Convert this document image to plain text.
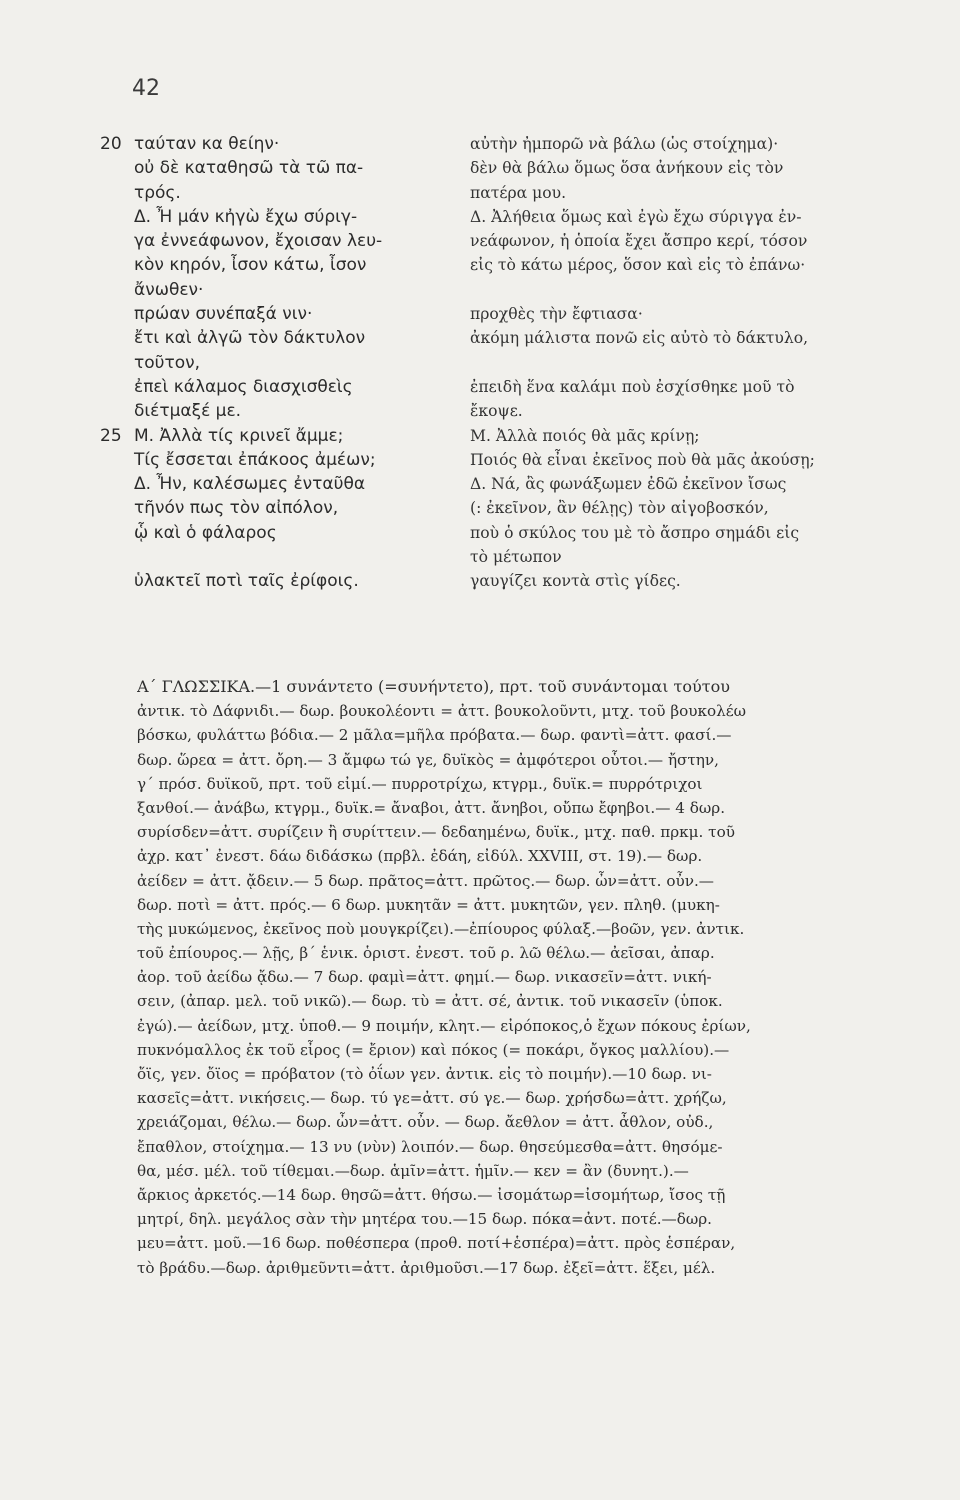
42
20 ταύταν κα θείην·
οὐ δὲ καταθησῶ τὰ τῶ πα-
τρός.
Δ. Ἦ μάν κἠγὼ ἔχω σύριγ-
γα ἐννεάφωνον, ἔχοισαν λευ-
κὸν κηρόν, ἶσον κάτω, ἶσον
ἄνωθεν·
πρώαν συνέπαξά νιν·
ἔτι καὶ ἀλγῶ τὸν δάκτυλον
τοῦτον,
ἐπεὶ κάλαμος διασχισθεὶς
διέτμαξέ με.
25 Μ. Ἀλλὰ τίς κρινεῖ ἄμμε;
Τίς ἔσσεται ἐπάκοος ἀμέων;
Δ. Ἦν, καλέσωμες ἐνταῦθα
τῆνόν πως τὸν αἰπόλον,
ᾧ καὶ ὁ φάλαρος
ὑλακτεῖ ποτὶ ταῖς ἐρίφοις.
αὐτὴν ἠμπορῶ νὰ βάλω (ὡς στοίχημα)·
δὲν θὰ βάλω ὅμως ὅσα ἀνήκουν εἰς τὸν
πατέρα μου.
Δ. Ἀλήθεια ὅμως καὶ ἐγὼ ἔχω σύριγγα ἐν-
νεάφωνον, ἡ ὁποία ἔχει ἄσπρο κερί, τόσον
εἰς τὸ κάτω μέρος, ὅσον καὶ εἰς τὸ ἐπάνω·
προχθὲς τὴν ἔφτιασα·
ἀκόμη μάλιστα πονῶ εἰς αὐτὸ τὸ δάκτυλο,
ἐπειδὴ ἕνα καλάμι ποὺ ἐσχίσθηκε μοῦ τὸ
ἔκοψε.
Μ. Ἀλλὰ ποιός θὰ μᾶς κρίνῃ;
Ποιός θὰ εἶναι ἐκεῖνος ποὺ θὰ μᾶς ἀκούσῃ;
Δ. Νά, ἂς φωνάξωμεν ἐδῶ ἐκεῖνον ἴσως
(: ἐκεῖνον, ἂν θέλῃς) τὸν αἰγοβοσκόν,
ποὺ ὁ σκύλος του μὲ τὸ ἄσπρο σημάδι εἰς
τὸ μέτωπον
γαυγίζει κοντὰ στὶς γίδες.
Α΄ ΓΛΩΣΣΙΚΑ.—1 συνάντετο (=συνήντετο), πρτ. τοῦ συνάντομαι τούτου
ἀντικ. τὸ Δάφνιδι.— δωρ. βουκολέοντι = ἀττ. βουκολοῦντι, μτχ. τοῦ βουκολέω
βόσκω, φυλάττω βόδια.— 2 μᾶλα=μῆλα πρόβατα.— δωρ. φαντὶ=ἀττ. φασί.—
δωρ. ὥρεα = ἀττ. ὄρη.— 3 ἄμφω τώ γε, δυϊκὸς = ἀμφότεροι οὗτοι.— ἤστην,
γ΄ πρόσ. δυϊκοῦ, πρτ. τοῦ εἰμί.— πυρροτρίχω, κτγρμ., δυϊκ.= πυρρότριχοι
ξανθοί.— ἀνάβω, κτγρμ., δυϊκ.= ἄναβοι, ἀττ. ἄνηβοι, οὔπω ἔφηβοι.— 4 δωρ.
συρίσδεν=ἀττ. συρίζειν ἢ συρίττειν.— δεδαημένω, δυϊκ., μτχ. παθ. πρκμ. τοῦ
ἀχρ. κατ᾽ ἐνεστ. δάω διδάσκω (πρβλ. ἐδάη, εἰδύλ. XXVIII, στ. 19).— δωρ.
ἀείδεν = ἀττ. ᾄδειν.— 5 δωρ. πρᾶτος=ἀττ. πρῶτος.— δωρ. ὦν=ἀττ. οὖν.—
δωρ. ποτὶ = ἀττ. πρός.— 6 δωρ. μυκητᾶν = ἀττ. μυκητῶν, γεν. πληθ. (μυκη-
τὴς μυκώμενος, ἐκεῖνος ποὺ μουγκρίζει).—ἐπίουρος φύλαξ.—βοῶν, γεν. ἀντικ.
τοῦ ἐπίουρος.— λῇς, β΄ ἑνικ. ὁριστ. ἐνεστ. τοῦ ρ. λῶ θέλω.— ἀεῖσαι, ἀπαρ.
ἀορ. τοῦ ἀείδω ᾄδω.— 7 δωρ. φαμὶ=ἀττ. φημί.— δωρ. νικασεῖν=ἀττ. νική-
σειν, (ἀπαρ. μελ. τοῦ νικῶ).— δωρ. τὺ = ἀττ. σέ, ἀντικ. τοῦ νικασεῖν (ὑποκ.
ἐγώ).— ἀείδων, μτχ. ὑποθ.— 9 ποιμήν, κλητ.— εἰρόποκος,ὁ ἔχων πόκους ἐρίων,
πυκνόμαλλος ἐκ τοῦ εἶρος (= ἔριον) καὶ πόκος (= ποκάρι, ὄγκος μαλλίου).—
ὄϊς, γεν. ὄϊος = πρόβατον (τὸ ὀΐων γεν. ἀντικ. εἰς τὸ ποιμήν).—10 δωρ. νι-
κασεῖς=ἀττ. νικήσεις.— δωρ. τύ γε=ἀττ. σύ γε.— δωρ. χρήσδω=ἀττ. χρήζω,
χρειάζομαι, θέλω.— δωρ. ὦν=ἀττ. οὖν. — δωρ. ἄεθλον = ἀττ. ἆθλον, οὐδ.,
ἔπαθλον, στοίχημα.— 13 νυ (νὺν) λοιπόν.— δωρ. θησεύμεσθα=ἀττ. θησόμε-
θα, μέσ. μέλ. τοῦ τίθεμαι.—δωρ. ἁμῖν=ἀττ. ἡμῖν.— κεν = ἂν (δυνητ.).—
ἄρκιος ἀρκετός.—14 δωρ. θησῶ=ἀττ. θήσω.— ἰσομάτωρ=ἰσομήτωρ, ἴσος τῇ
μητρί, δηλ. μεγάλος σὰν τὴν μητέρα του.—15 δωρ. πόκα=ἀντ. ποτέ.—δωρ.
μευ=ἀττ. μοῦ.—16 δωρ. ποθέσπερα (προθ. ποτί+ἑσπέρα)=ἀττ. πρὸς ἑσπέραν,
τὸ βράδυ.—δωρ. ἀριθμεῦντι=ἀττ. ἀριθμοῦσι.—17 δωρ. ἐξεῖ=ἀττ. ἕξει, μέλ.
